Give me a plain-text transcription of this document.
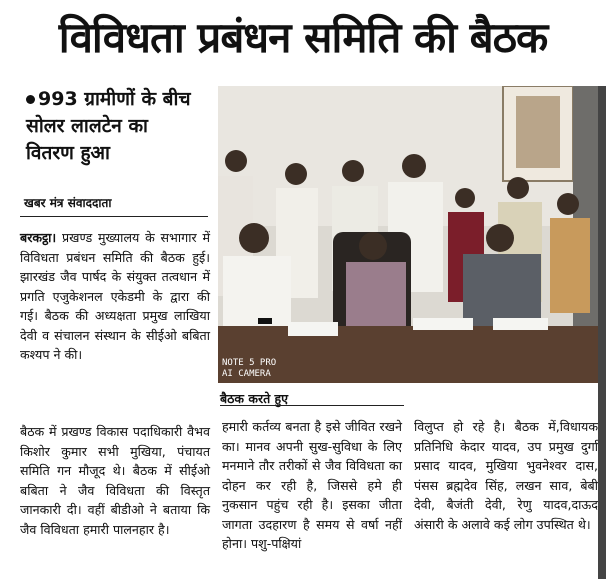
विविधता प्रबंधन समिति की बैठक
993 ग्रामीणों के बीच सोलर लालटेन का वितरण हुआ
खबर मंत्र संवाददाता
बरकट्ठा। प्रखण्ड मुख्यालय के सभागार में विविधता प्रबंधन समिति की बैठक हुई। झारखंड जैव पार्षद के संयुक्त तत्वधान में प्रगति एजुकेशनल एकेडमी के द्वारा की गई। बैठक की अध्यक्षता प्रमुख लाखिया देवी व संचालन संस्थान के सीईओ बबिता कश्यप ने की।
बैठक में प्रखण्ड विकास पदाधिकारी वैभव किशोर कुमार सभी मुखिया, पंचायत समिति गन मौजूद थे। बैठक में सीईओ बबिता ने जैव विविधता की विस्तृत जानकारी दी। वहीं बीडीओ ने बताया कि जैव विविधता हमारी पालनहार है।
NOTE 5 PRO
AI CAMERA
बैठक करते हुए
हमारी कर्तव्य बनता है इसे जीवित रखने का। मानव अपनी सुख-सुविधा के लिए मनमाने तौर तरीकों से जैव विविधता का दोहन कर रही है, जिससे हमे ही नुकसान पहुंच रही है। इसका जीता जागता उदहारण है समय से वर्षा नहीं होना। पशु-पक्षियां
विलुप्त हो रहे है। बैठक में,विधायक प्रतिनिधि केदार यादव, उप प्रमुख दुर्गा प्रसाद यादव, मुखिया भुवनेश्वर दास, पंसस ब्रह्मदेव सिंह, लखन साव, बेबी देवी, बैजंती देवी, रेणु यादव,दाऊद अंसारी के अलावे कई लोग उपस्थित थे।
